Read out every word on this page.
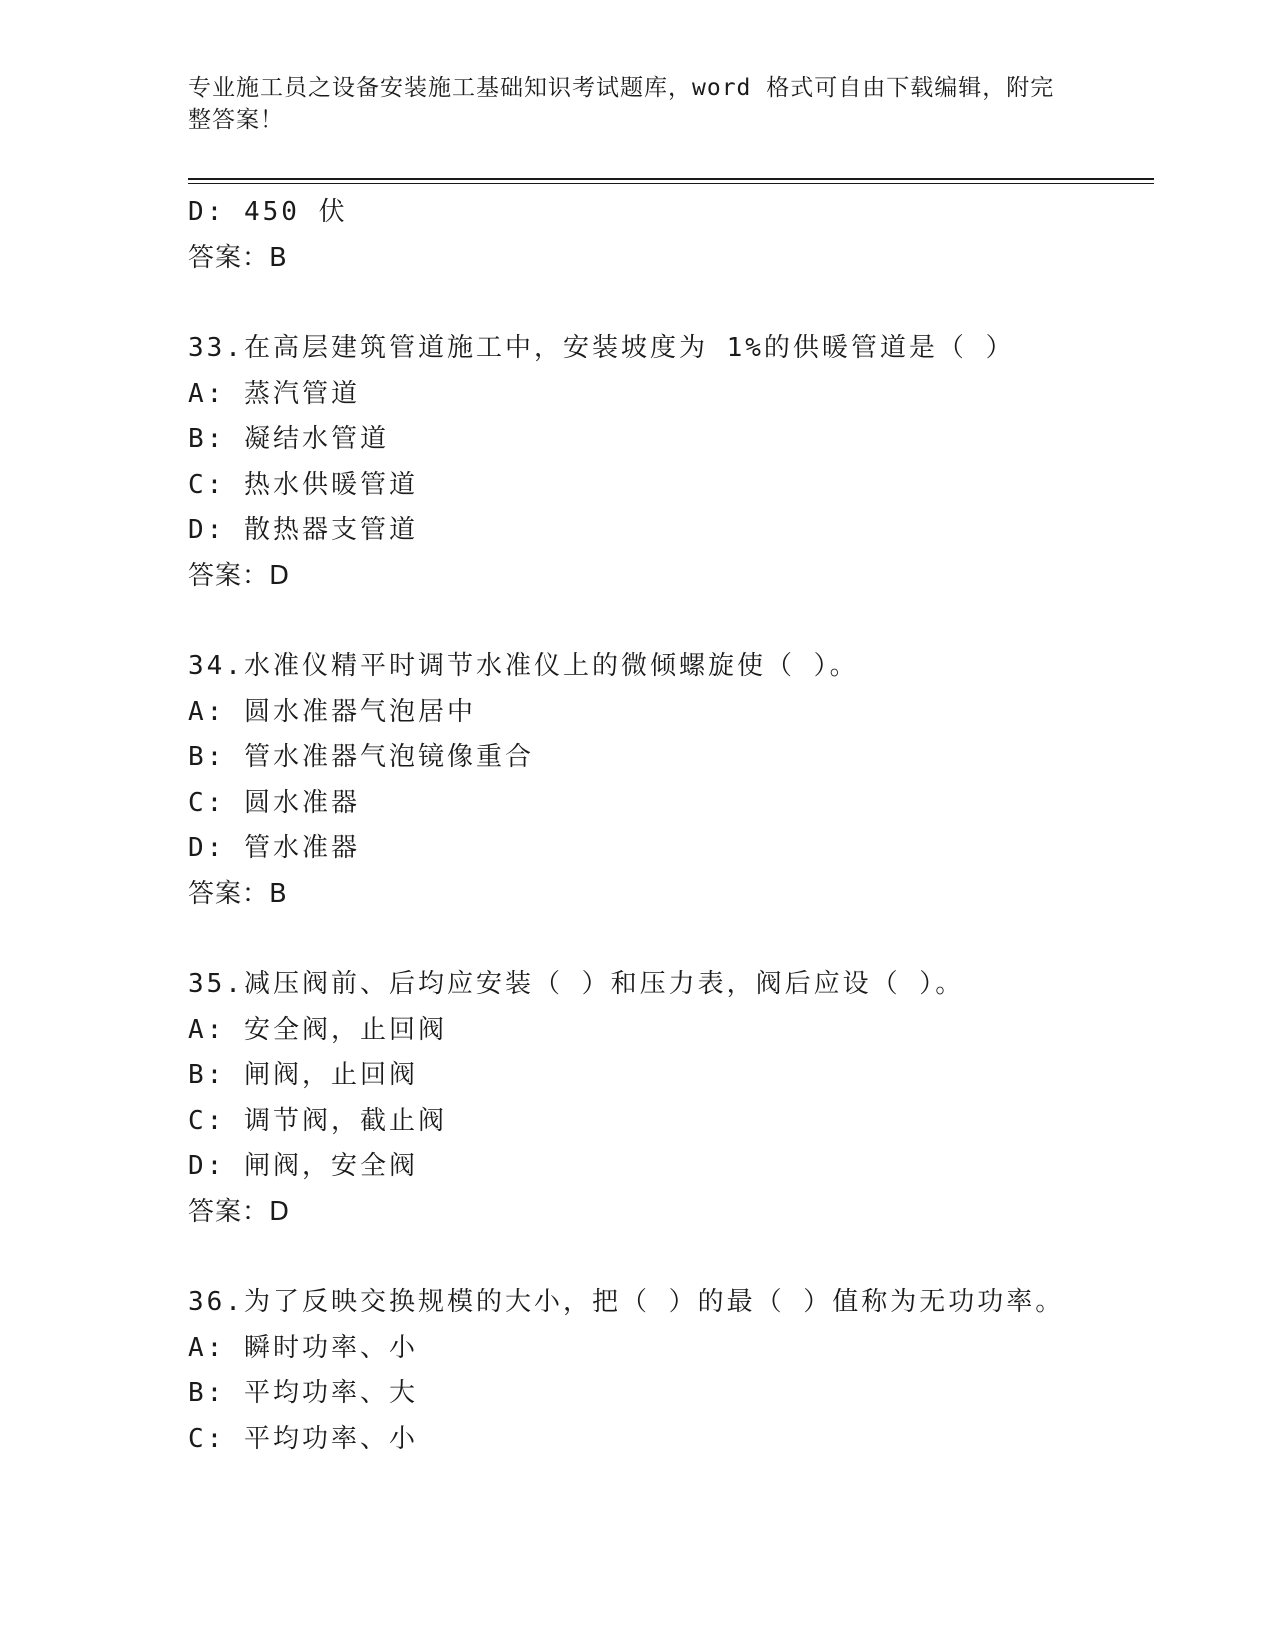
专业施工员之设备安装施工基础知识考试题库，word 格式可自由下载编辑，附完
整答案！
D: 450 伏
答案：B
33.在高层建筑管道施工中，安装坡度为 1%的供暖管道是（ ）
A: 蒸汽管道
B: 凝结水管道
C: 热水供暖管道
D: 散热器支管道
答案：D
34.水准仪精平时调节水准仪上的微倾螺旋使（ ）。
A: 圆水准器气泡居中
B: 管水准器气泡镜像重合
C: 圆水准器
D: 管水准器
答案：B
35.减压阀前、后均应安装（ ）和压力表，阀后应设（ ）。
A: 安全阀，止回阀
B: 闸阀，止回阀
C: 调节阀，截止阀
D: 闸阀，安全阀
答案：D
36.为了反映交换规模的大小，把（ ）的最（ ）值称为无功功率。
A: 瞬时功率、小
B: 平均功率、大
C: 平均功率、小
